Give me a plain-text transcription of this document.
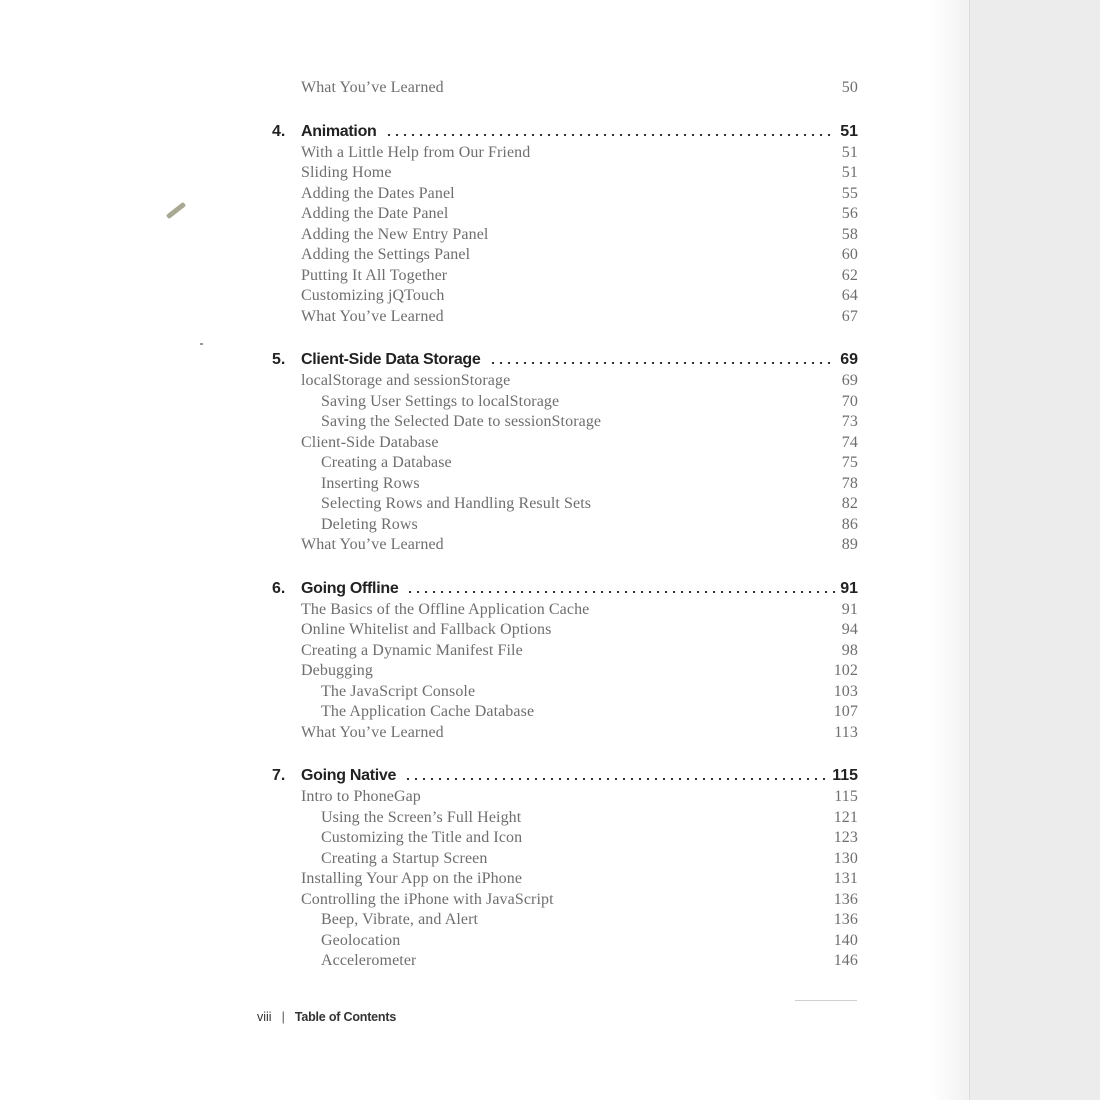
What You’ve Learned	50
4. Animation	51
With a Little Help from Our Friend	51
Sliding Home	51
Adding the Dates Panel	55
Adding the Date Panel	56
Adding the New Entry Panel	58
Adding the Settings Panel	60
Putting It All Together	62
Customizing jQTouch	64
What You’ve Learned	67
5. Client-Side Data Storage	69
localStorage and sessionStorage	69
Saving User Settings to localStorage	70
Saving the Selected Date to sessionStorage	73
Client-Side Database	74
Creating a Database	75
Inserting Rows	78
Selecting Rows and Handling Result Sets	82
Deleting Rows	86
What You’ve Learned	89
6. Going Offline	91
The Basics of the Offline Application Cache	91
Online Whitelist and Fallback Options	94
Creating a Dynamic Manifest File	98
Debugging	102
The JavaScript Console	103
The Application Cache Database	107
What You’ve Learned	113
7. Going Native	115
Intro to PhoneGap	115
Using the Screen’s Full Height	121
Customizing the Title and Icon	123
Creating a Startup Screen	130
Installing Your App on the iPhone	131
Controlling the iPhone with JavaScript	136
Beep, Vibrate, and Alert	136
Geolocation	140
Accelerometer	146
viii | Table of Contents
